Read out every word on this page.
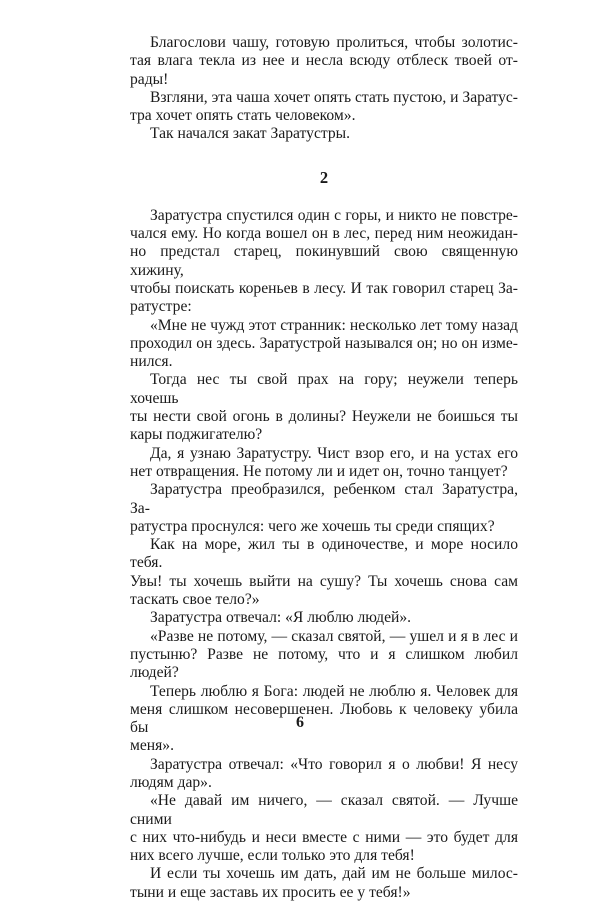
Благослови чашу, готовую пролиться, чтобы золотис-
тая влага текла из нее и несла всюду отблеск твоей от-
рады!
Взгляни, эта чаша хочет опять стать пустою, и Заратус-
тра хочет опять стать человеком».
Так начался закат Заратустры.
2
Заратустра спустился один с горы, и никто не повстре-
чался ему. Но когда вошел он в лес, перед ним неожидан-
но предстал старец, покинувший свою священную хижину,
чтобы поискать кореньев в лесу. И так говорил старец За-
ратустре:
«Мне не чужд этот странник: несколько лет тому назад
проходил он здесь. Заратустрой назывался он; но он изме-
нился.
Тогда нес ты свой прах на гору; неужели теперь хочешь
ты нести свой огонь в долины? Неужели не боишься ты
кары поджигателю?
Да, я узнаю Заратустру. Чист взор его, и на устах его
нет отвращения. Не потому ли и идет он, точно танцует?
Заратустра преобразился, ребенком стал Заратустра, За-
ратустра проснулся: чего же хочешь ты среди спящих?
Как на море, жил ты в одиночестве, и море носило тебя.
Увы! ты хочешь выйти на сушу? Ты хочешь снова сам
таскать свое тело?»
Заратустра отвечал: «Я люблю людей».
«Разве не потому, — сказал святой, — ушел и я в лес и
пустыню? Разве не потому, что и я слишком любил людей?
Теперь люблю я Бога: людей не люблю я. Человек для
меня слишком несовершенен. Любовь к человеку убила бы
меня».
Заратустра отвечал: «Что говорил я о любви! Я несу
людям дар».
«Не давай им ничего, — сказал святой. — Лучше сними
с них что-нибудь и неси вместе с ними — это будет для
них всего лучше, если только это для тебя!
И если ты хочешь им дать, дай им не больше милос-
тыни и еще заставь их просить ее у тебя!»
6
